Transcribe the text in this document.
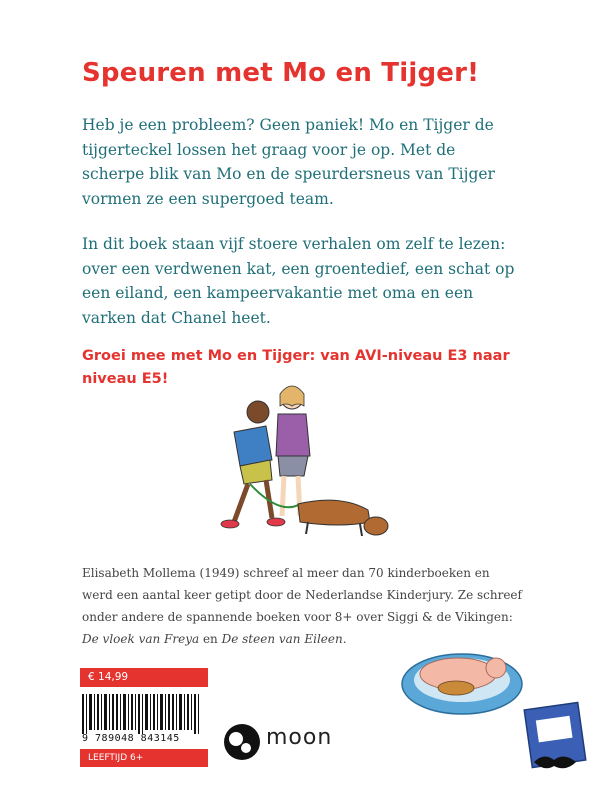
Speuren met Mo en Tijger!

Heb je een probleem? Geen paniek! Mo en Tijger de tijgerteckel lossen het graag voor je op. Met de scherpe blik van Mo en de speurdersneus van Tijger vormen ze een supergoed team.

In dit boek staan vijf stoere verhalen om zelf te lezen: over een verdwenen kat, een groentedief, een schat op een eiland, een kampeervakantie met oma en een varken dat Chanel heet.

Groei mee met Mo en Tijger: van AVI-niveau E3 naar niveau E5!

Elisabeth Mollema (1949) schreef al meer dan 70 kinderboeken en werd een aantal keer getipt door de Nederlandse Kinderjury. Ze schreef onder andere de spannende boeken voor 8+ over Siggi & de Vikingen: De vloek van Freya en De steen van Eileen.

€ 14,99
9 789048 843145
LEEFTIJD 6+
moon
